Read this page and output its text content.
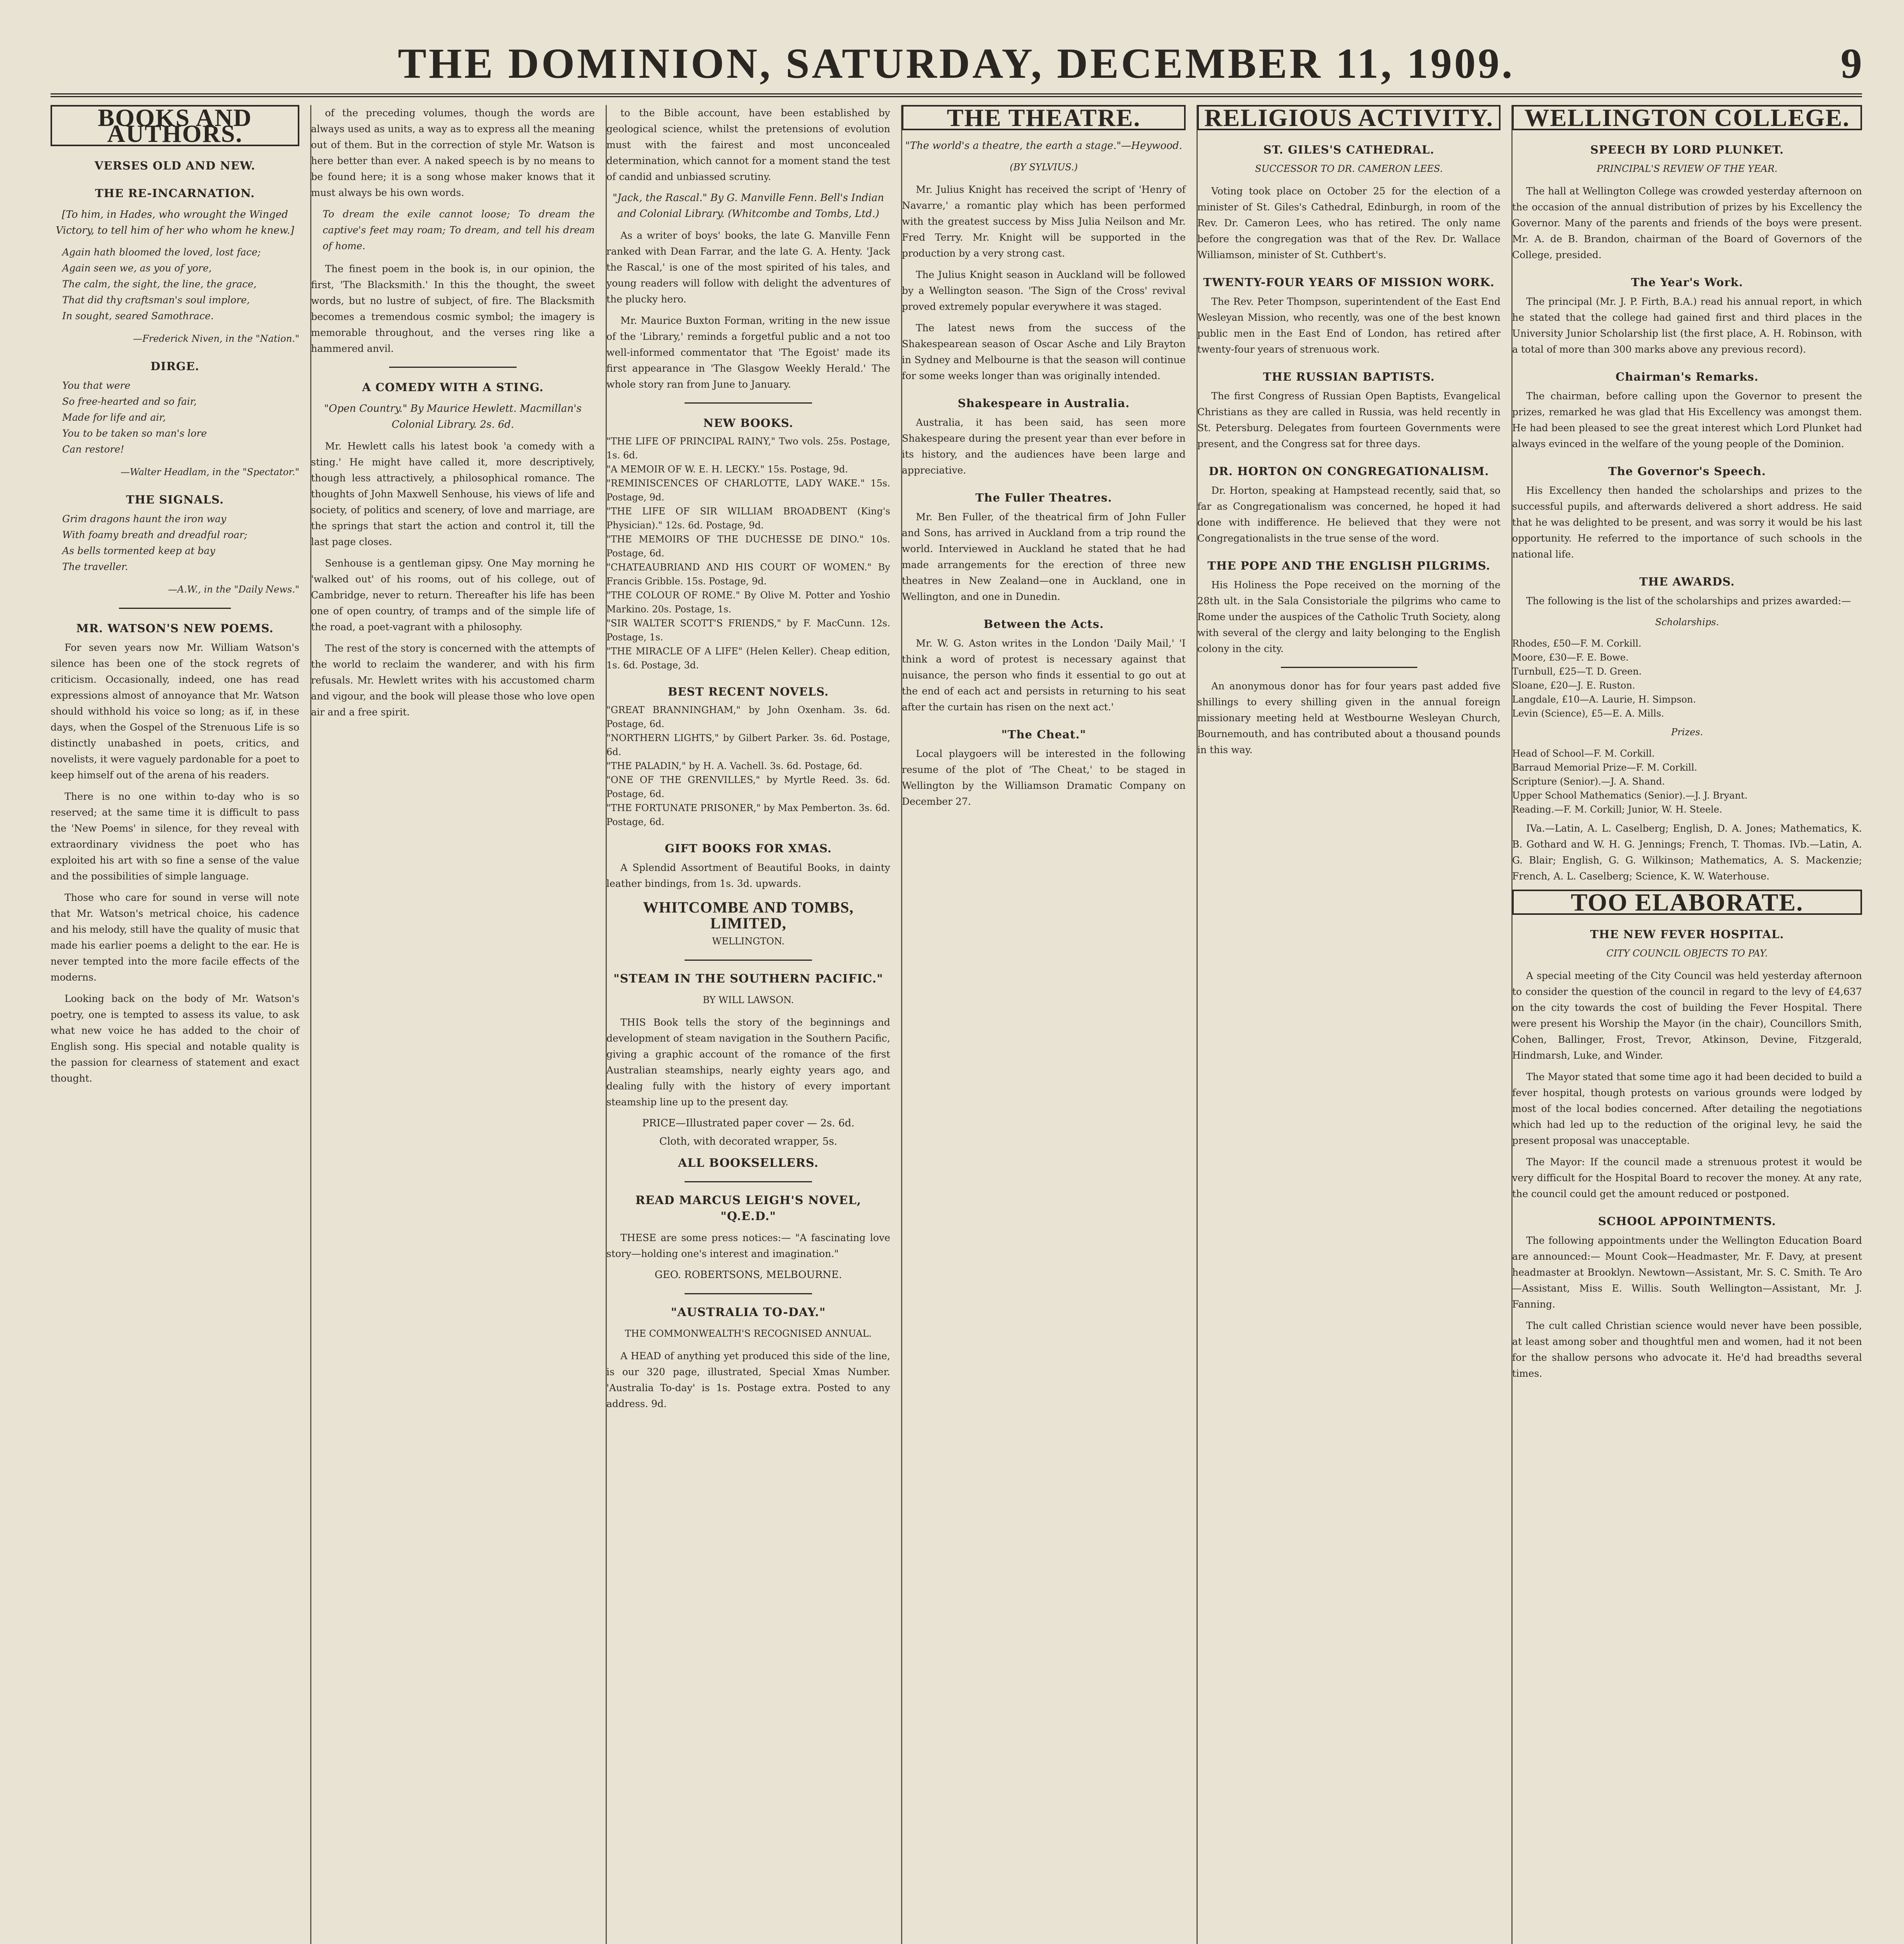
THE DOMINION, SATURDAY, DECEMBER 11, 1909.	9
BOOKS AND AUTHORS.
VERSES OLD AND NEW.
THE RE-INCARNATION.
[To him, in Hades, who wrought the Winged Victory, to tell him of her who whom he knew.]
Again hath bloomed the loved, lost face;
Again seen we, as you of yore,
The calm, the sight, the line, the grace,
That did thy craftsman's soul implore,
In sought, seared Samothrace.
—Frederick Niven, in the "Nation."
DIRGE.
You that were
So free-hearted and so fair,
Made for life and air,
You to be taken so man's lore
Can restore!
—Walter Headlam, in the "Spectator."
THE SIGNALS.
Grim dragons haunt the iron way
With foamy breath and dreadful roar;
As bells tormented keep at bay
The traveller.
—A.W., in the "Daily News."
MR. WATSON'S NEW POEMS.

For seven years now Mr. William Watson's silence has been one of the stock regrets of criticism. Occasionally, indeed, one has read expressions almost of annoyance that Mr. Watson should withhold his voice so long; as if, in these days, when the Gospel of the Strenuous Life is so distinctly unabashed in poets, critics, and novelists, it were vaguely pardonable for a poet to keep himself out of the arena of his readers.

There is no one within to-day who is so reserved; at the same time it is difficult to pass the 'New Poems' in silence, for they reveal with extraordinary vividness the poet who has exploited his art with so fine a sense of the value and the possibilities of simple language.

Those who care for sound in verse will note that Mr. Watson's metrical choice, his cadence and his melody, still have the quality of music that made his earlier poems a delight to the ear. He is never tempted into the more facile effects of the moderns.

Looking back on the body of Mr. Watson's poetry, one is tempted to assess its value, to ask what new voice he has added to the choir of English song. His special and notable quality is the passion for clearness of statement and exact thought.

of the preceding volumes, though the words are always used as units, a way as to express all the meaning out of them. But in the correction of style Mr. Watson is here better than ever. A naked speech is by no means to be found here; it is a song whose maker knows that it must always be his own words.

To dream the exile cannot loose; To dream the captive's feet may roam; To dream, and tell his dream of home.

The finest poem in the book is, in our opinion, the first, 'The Blacksmith.' In this the thought, the sweet words, but no lustre of subject, of fire. The Blacksmith becomes a tremendous cosmic symbol; the imagery is memorable throughout, and the verses ring like a hammered anvil.

A COMEDY WITH A STING.
"Open Country." By Maurice Hewlett. Macmillan's Colonial Library. 2s. 6d.

Mr. Hewlett calls his latest book 'a comedy with a sting.' He might have called it, more descriptively, though less attractively, a philosophical romance. The thoughts of John Maxwell Senhouse, his views of life and society, of politics and scenery, of love and marriage, are the springs that start the action and control it, till the last page closes.

Senhouse is a gentleman gipsy. One May morning he 'walked out' of his rooms, out of his college, out of Cambridge, never to return. Thereafter his life has been one of open country, of tramps and of the simple life of the road, a poet-vagrant with a philosophy.

The rest of the story is concerned with the attempts of the world to reclaim the wanderer, and with his firm refusals. Mr. Hewlett writes with his accustomed charm and vigour, and the book will please those who love open air and a free spirit.

to the Bible account, have been established by geological science, whilst the pretensions of evolution must with the fairest and most unconcealed determination, which cannot for a moment stand the test of candid and unbiassed scrutiny.

"Jack, the Rascal." By G. Manville Fenn. Bell's Indian and Colonial Library. (Whitcombe and Tombs, Ltd.)

As a writer of boys' books, the late G. Manville Fenn ranked with Dean Farrar, and the late G. A. Henty. 'Jack the Rascal,' is one of the most spirited of his tales, and young readers will follow with delight the adventures of the plucky hero.

Mr. Maurice Buxton Forman, writing in the new issue of the 'Library,' reminds a forgetful public and a not too well-informed commentator that 'The Egoist' made its first appearance in 'The Glasgow Weekly Herald.' The whole story ran from June to January.

NEW BOOKS.
"THE LIFE OF PRINCIPAL RAINY," Two vols. 25s. Postage, 1s. 6d.
"A MEMOIR OF W. E. H. LECKY." 15s. Postage, 9d.
"REMINISCENCES OF CHARLOTTE, LADY WAKE." 15s. Postage, 9d.
"THE LIFE OF SIR WILLIAM BROADBENT (King's Physician)." 12s. 6d. Postage, 9d.
"THE MEMOIRS OF THE DUCHESSE DE DINO." 10s. Postage, 6d.
"CHATEAUBRIAND AND HIS COURT OF WOMEN." By Francis Gribble. 15s. Postage, 9d.
"THE COLOUR OF ROME." By Olive M. Potter and Yoshio Markino. 20s. Postage, 1s.
"SIR WALTER SCOTT'S FRIENDS," by F. MacCunn. 12s. Postage, 1s.
"THE MIRACLE OF A LIFE" (Helen Keller). Cheap edition, 1s. 6d. Postage, 3d.
BEST RECENT NOVELS.
"GREAT BRANNINGHAM," by John Oxenham. 3s. 6d. Postage, 6d.
"NORTHERN LIGHTS," by Gilbert Parker. 3s. 6d. Postage, 6d.
"THE PALADIN," by H. A. Vachell. 3s. 6d. Postage, 6d.
"ONE OF THE GRENVILLES," by Myrtle Reed. 3s. 6d. Postage, 6d.
"THE FORTUNATE PRISONER," by Max Pemberton. 3s. 6d. Postage, 6d.
GIFT BOOKS FOR XMAS.

A Splendid Assortment of Beautiful Books, in dainty leather bindings, from 1s. 3d. upwards.

WHITCOMBE AND TOMBS, LIMITED,
WELLINGTON.
"STEAM IN THE SOUTHERN PACIFIC."
BY WILL LAWSON.

THIS Book tells the story of the beginnings and development of steam navigation in the Southern Pacific, giving a graphic account of the romance of the first Australian steamships, nearly eighty years ago, and dealing fully with the history of every important steamship line up to the present day.

PRICE—Illustrated paper cover — 2s. 6d.
Cloth, with decorated wrapper, 5s.
ALL BOOKSELLERS.
READ MARCUS LEIGH'S NOVEL, "Q.E.D."

THESE are some press notices:— "A fascinating love story—holding one's interest and imagination."

GEO. ROBERTSONS, MELBOURNE.
"AUSTRALIA TO-DAY."
THE COMMONWEALTH'S RECOGNISED ANNUAL.

A HEAD of anything yet produced this side of the line, is our 320 page, illustrated, Special Xmas Number. 'Australia To-day' is 1s. Postage extra. Posted to any address. 9d.

THE THEATRE.
"The world's a theatre, the earth a stage."—Heywood.
(BY SYLVIUS.)

Mr. Julius Knight has received the script of 'Henry of Navarre,' a romantic play which has been performed with the greatest success by Miss Julia Neilson and Mr. Fred Terry. Mr. Knight will be supported in the production by a very strong cast.

The Julius Knight season in Auckland will be followed by a Wellington season. 'The Sign of the Cross' revival proved extremely popular everywhere it was staged.

The latest news from the success of the Shakespearean season of Oscar Asche and Lily Brayton in Sydney and Melbourne is that the season will continue for some weeks longer than was originally intended.

Shakespeare in Australia.

Australia, it has been said, has seen more Shakespeare during the present year than ever before in its history, and the audiences have been large and appreciative.

The Fuller Theatres.

Mr. Ben Fuller, of the theatrical firm of John Fuller and Sons, has arrived in Auckland from a trip round the world. Interviewed in Auckland he stated that he had made arrangements for the erection of three new theatres in New Zealand—one in Auckland, one in Wellington, and one in Dunedin.

Between the Acts.

Mr. W. G. Aston writes in the London 'Daily Mail,' 'I think a word of protest is necessary against that nuisance, the person who finds it essential to go out at the end of each act and persists in returning to his seat after the curtain has risen on the next act.'

"The Cheat."

Local playgoers will be interested in the following resume of the plot of 'The Cheat,' to be staged in Wellington by the Williamson Dramatic Company on December 27.

RELIGIOUS ACTIVITY.
ST. GILES'S CATHEDRAL.
SUCCESSOR TO DR. CAMERON LEES.

Voting took place on October 25 for the election of a minister of St. Giles's Cathedral, Edinburgh, in room of the Rev. Dr. Cameron Lees, who has retired. The only name before the congregation was that of the Rev. Dr. Wallace Williamson, minister of St. Cuthbert's.

TWENTY-FOUR YEARS OF MISSION WORK.

The Rev. Peter Thompson, superintendent of the East End Wesleyan Mission, who recently, was one of the best known public men in the East End of London, has retired after twenty-four years of strenuous work.

THE RUSSIAN BAPTISTS.

The first Congress of Russian Open Baptists, Evangelical Christians as they are called in Russia, was held recently in St. Petersburg. Delegates from fourteen Governments were present, and the Congress sat for three days.

DR. HORTON ON CONGREGATIONALISM.

Dr. Horton, speaking at Hampstead recently, said that, so far as Congregationalism was concerned, he hoped it had done with indifference. He believed that they were not Congregationalists in the true sense of the word.

THE POPE AND THE ENGLISH PILGRIMS.

His Holiness the Pope received on the morning of the 28th ult. in the Sala Consistoriale the pilgrims who came to Rome under the auspices of the Catholic Truth Society, along with several of the clergy and laity belonging to the English colony in the city.

An anonymous donor has for four years past added five shillings to every shilling given in the annual foreign missionary meeting held at Westbourne Wesleyan Church, Bournemouth, and has contributed about a thousand pounds in this way.

WELLINGTON COLLEGE.
SPEECH BY LORD PLUNKET.
PRINCIPAL'S REVIEW OF THE YEAR.

The hall at Wellington College was crowded yesterday afternoon on the occasion of the annual distribution of prizes by his Excellency the Governor. Many of the parents and friends of the boys were present. Mr. A. de B. Brandon, chairman of the Board of Governors of the College, presided.

The Year's Work.

The principal (Mr. J. P. Firth, B.A.) read his annual report, in which he stated that the college had gained first and third places in the University Junior Scholarship list (the first place, A. H. Robinson, with a total of more than 300 marks above any previous record).

Chairman's Remarks.

The chairman, before calling upon the Governor to present the prizes, remarked he was glad that His Excellency was amongst them. He had been pleased to see the great interest which Lord Plunket had always evinced in the welfare of the young people of the Dominion.

The Governor's Speech.

His Excellency then handed the scholarships and prizes to the successful pupils, and afterwards delivered a short address. He said that he was delighted to be present, and was sorry it would be his last opportunity. He referred to the importance of such schools in the national life.

THE AWARDS.

The following is the list of the scholarships and prizes awarded:—

Scholarships.
Rhodes, £50—F. M. Corkill.
Moore, £30—F. E. Bowe.
Turnbull, £25—T. D. Green.
Sloane, £20—J. E. Ruston.
Langdale, £10—A. Laurie, H. Simpson.
Levin (Science), £5—E. A. Mills.
Prizes.
Head of School—F. M. Corkill.
Barraud Memorial Prize—F. M. Corkill.
Scripture (Senior).—J. A. Shand.
Upper School Mathematics (Senior).—J. J. Bryant.
Reading.—F. M. Corkill; Junior, W. H. Steele.

IVa.—Latin, A. L. Caselberg; English, D. A. Jones; Mathematics, K. B. Gothard and W. H. G. Jennings; French, T. Thomas. IVb.—Latin, A. G. Blair; English, G. G. Wilkinson; Mathematics, A. S. Mackenzie; French, A. L. Caselberg; Science, K. W. Waterhouse.

TOO ELABORATE.
THE NEW FEVER HOSPITAL.
CITY COUNCIL OBJECTS TO PAY.

A special meeting of the City Council was held yesterday afternoon to consider the question of the council in regard to the levy of £4,637 on the city towards the cost of building the Fever Hospital. There were present his Worship the Mayor (in the chair), Councillors Smith, Cohen, Ballinger, Frost, Trevor, Atkinson, Devine, Fitzgerald, Hindmarsh, Luke, and Winder.

The Mayor stated that some time ago it had been decided to build a fever hospital, though protests on various grounds were lodged by most of the local bodies concerned. After detailing the negotiations which had led up to the reduction of the original levy, he said the present proposal was unacceptable.

The Mayor: If the council made a strenuous protest it would be very difficult for the Hospital Board to recover the money. At any rate, the council could get the amount reduced or postponed.

SCHOOL APPOINTMENTS.

The following appointments under the Wellington Education Board are announced:— Mount Cook—Headmaster, Mr. F. Davy, at present headmaster at Brooklyn. Newtown—Assistant, Mr. S. C. Smith. Te Aro—Assistant, Miss E. Willis. South Wellington—Assistant, Mr. J. Fanning.

The cult called Christian science would never have been possible, at least among sober and thoughtful men and women, had it not been for the shallow persons who advocate it. He'd had breadths several times.
